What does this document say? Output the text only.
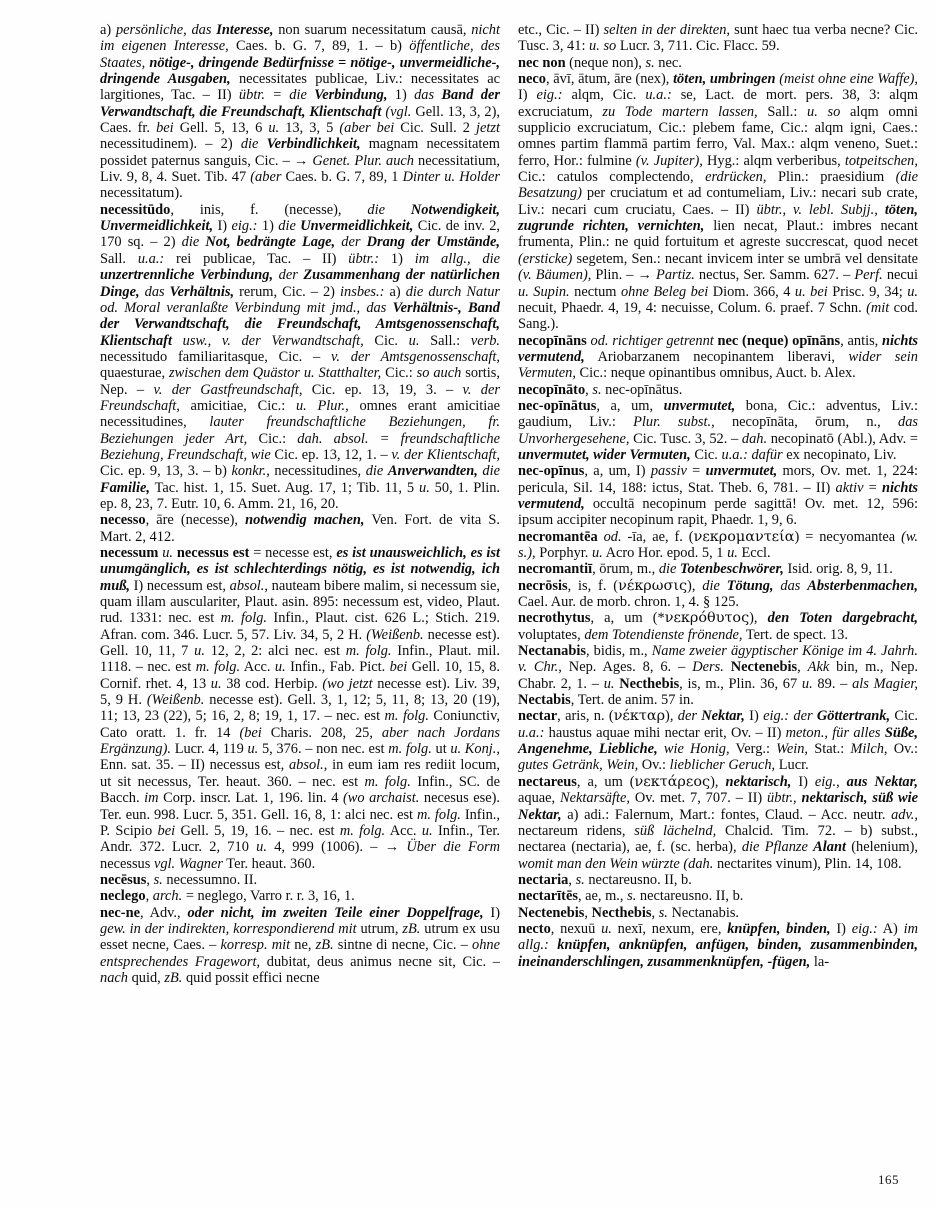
a) persönliche, das Interesse, non suarum necessitatum causā, nicht im eigenen Interesse, Caes. b. G. 7, 89, 1. – b) öffentliche, des Staates, nötige-, dringende Bedürfnisse = nötige-, unvermeidliche-, dringende Ausgaben, necessitates publicae, Liv.: necessitates ac largitiones, Tac. – II) übtr. = die Verbindung, 1) das Band der Verwandtschaft, die Freundschaft, Klientschaft (vgl. Gell. 13, 3, 2), Caes. fr. bei Gell. 5, 13, 6 u. 13, 3, 5 (aber bei Cic. Sull. 2 jetzt necessitudinem). – 2) die Verbindlichkeit, magnam necessitatem possidet paternus sanguis, Cic. – → Genet. Plur. auch necessitatium, Liv. 9, 8, 4. Suet. Tib. 47 (aber Caes. b. G. 7, 89, 1 Dinter u. Holder necessitatum).

necessitūdo, inis, f. (necesse), die Notwendigkeit, Unvermeidlichkeit, I) eig.: 1) die Unvermeidlichkeit, Cic. de inv. 2, 170 sq. – 2) die Not, bedrängte Lage, der Drang der Umstände, Sall. u.a.: rei publicae, Tac. – II) übtr.: 1) im allg., die unzertrennliche Verbindung, der Zusammenhang der natürlichen Dinge, das Verhältnis, rerum, Cic. – 2) insbes.: a) die durch Natur od. Moral veranlaßte Verbindung mit jmd., das Verhältnis-, Band der Verwandtschaft, die Freundschaft, Amtsgenossenschaft, Klientschaft usw., v. der Verwandtschaft, Cic. u. Sall.: verb. necessitudo familiaritasque, Cic. – v. der Amtsgenossenschaft, quaesturae, zwischen dem Quästor u. Statthalter, Cic.: so auch sortis, Nep. – v. der Gastfreundschaft, Cic. ep. 13, 19, 3. – v. der Freundschaft, amicitiae, Cic.: u. Plur., omnes erant amicitiae necessitudines, lauter freundschaftliche Beziehungen, fr. Beziehungen jeder Art, Cic.: dah. absol. = freundschaftliche Beziehung, Freundschaft, wie Cic. ep. 13, 12, 1. – v. der Klientschaft, Cic. ep. 9, 13, 3. – b) konkr., necessitudines, die Anverwandten, die Familie, Tac. hist. 1, 15. Suet. Aug. 17, 1; Tib. 11, 5 u. 50, 1. Plin. ep. 8, 23, 7. Eutr. 10, 6. Amm. 21, 16, 20.

necesso, āre (necesse), notwendig machen, Ven. Fort. de vita S. Mart. 2, 412.

necessum u. necessus est = necesse est, es ist unausweichlich, es ist unumgänglich, es ist schlechterdings nötig, es ist notwendig, ich muß, I) necessum est, absol., nauteam bibere malim, si necessum sie, quam illam ausculariter, Plaut. asin. 895: necessum est, video, Plaut. rud. 1331: nec. est m. folg. Infin., Plaut. cist. 626 L.; Stich. 219. Afran. com. 346. Lucr. 5, 57. Liv. 34, 5, 2 H. (Weißenb. necesse est). Gell. 10, 11, 7 u. 12, 2, 2: alci nec. est m. folg. Infin., Plaut. mil. 1118. – nec. est m. folg. Acc. u. Infin., Fab. Pict. bei Gell. 10, 15, 8. Cornif. rhet. 4, 13 u. 38 cod. Herbip. (wo jetzt necesse est). Liv. 39, 5, 9 H. (Weißenb. necesse est). Gell. 3, 1, 12; 5, 11, 8; 13, 20 (19), 11; 13, 23 (22), 5; 16, 2, 8; 19, 1, 17. – nec. est m. folg. Coniunctiv, Cato oratt. 1. fr. 14 (bei Charis. 208, 25, aber nach Jordans Ergänzung). Lucr. 4, 119 u. 5, 376. – non nec. est m. folg. ut u. Konj., Enn. sat. 35. – II) necessus est, absol., in eum iam res rediit locum, ut sit necessus, Ter. heaut. 360. – nec. est m. folg. Infin., SC. de Bacch. im Corp. inscr. Lat. 1, 196. lin. 4 (wo archaist. necesus ese). Ter. eun. 998. Lucr. 5, 351. Gell. 16, 8, 1: alci nec. est m. folg. Infin., P. Scipio bei Gell. 5, 19, 16. – nec. est m. folg. Acc. u. Infin., Ter. Andr. 372. Lucr. 2, 710 u. 4, 999 (1006). – → Über die Form necessus vgl. Wagner Ter. heaut. 360.

necēsus, s. necessumno. II.

neclego, arch. = neglego, Varro r. r. 3, 16, 1.

nec-ne, Adv., oder nicht, im zweiten Teile einer Doppelfrage, I) gew. in der indirekten, korrespondierend mit utrum, zB. utrum ex usu esset necne, Caes. – korresp. mit ne, zB. sintne di necne, Cic. – ohne entsprechendes Fragewort, dubitat, deus animus necne sit, Cic. – nach quid, zB. quid possit effici necne

etc., Cic. – II) selten in der direkten, sunt haec tua verba necne? Cic. Tusc. 3, 41: u. so Lucr. 3, 711. Cic. Flacc. 59.

nec non (neque non), s. nec.

neco, āvī, ātum, āre (nex), töten, umbringen (meist ohne eine Waffe), I) eig.: alqm, Cic. u.a.: se, Lact. de mort. pers. 38, 3: alqm excruciatum, zu Tode martern lassen, Sall.: u. so alqm omni supplicio excruciatum, Cic.: plebem fame, Cic.: alqm igni, Caes.: omnes partim flammā partim ferro, Val. Max.: alqm veneno, Suet.: ferro, Hor.: fulmine (v. Jupiter), Hyg.: alqm verberibus, totpeitschen, Cic.: catulos complectendo, erdrücken, Plin.: praesidium (die Besatzung) per cruciatum et ad contumeliam, Liv.: necari sub crate, Liv.: necari cum cruciatu, Caes. – II) übtr., v. lebl. Subjj., töten, zugrunde richten, vernichten, lien necat, Plaut.: imbres necant frumenta, Plin.: ne quid fortuitum et agreste succrescat, quod necet (ersticke) segetem, Sen.: necant invicem inter se umbrā vel densitate (v. Bäumen), Plin. – → Partiz. nectus, Ser. Samm. 627. – Perf. necui u. Supin. nectum ohne Beleg bei Diom. 366, 4 u. bei Prisc. 9, 34; u. necuit, Phaedr. 4, 19, 4: necuisse, Colum. 6. praef. 7 Schn. (mit cod. Sang.).

necopīnāns od. richtiger getrennt nec (neque) opīnāns, antis, nichts vermutend, Ariobarzanem necopinantem liberavi, wider sein Vermuten, Cic.: neque opinantibus omnibus, Auct. b. Alex.

necopīnāto, s. nec-opīnātus.

nec-opīnātus, a, um, unvermutet, bona, Cic.: adventus, Liv.: gaudium, Liv.: Plur. subst., necopīnāta, ōrum, n., das Unvorhergesehene, Cic. Tusc. 3, 52. – dah. necopinatō (Abl.), Adv. = unvermutet, wider Vermuten, Cic. u.a.: dafür ex necopinato, Liv.

nec-opīnus, a, um, I) passiv = unvermutet, mors, Ov. met. 1, 224: pericula, Sil. 14, 188: ictus, Stat. Theb. 6, 781. – II) aktiv = nichts vermutend, occultā necopinum perde sagittā! Ov. met. 12, 596: ipsum accipiter necopinum rapit, Phaedr. 1, 9, 6.

necromantēa od. -īa, ae, f. (νεκρομαντεία) = necyomantea (w. s.), Porphyr. u. Acro Hor. epod. 5, 1 u. Eccl.

necromantiī, ōrum, m., die Totenbeschwörer, Isid. orig. 8, 9, 11.

necrōsis, is, f. (νέκρωσις), die Tötung, das Absterbenmachen, Cael. Aur. de morb. chron. 1, 4. § 125.

necrothytus, a, um (*νεκρόθυτος), den Toten dargebracht, voluptates, dem Totendienste frönende, Tert. de spect. 13.

Nectanabis, bidis, m., Name zweier ägyptischer Könige im 4. Jahrh. v. Chr., Nep. Ages. 8, 6. – Ders. Nectenebis, Akk bin, m., Nep. Chabr. 2, 1. – u. Necthebis, is, m., Plin. 36, 67 u. 89. – als Magier, Nectabis, Tert. de anim. 57 in.

nectar, aris, n. (νέκταρ), der Nektar, I) eig.: der Göttertrank, Cic. u.a.: haustus aquae mihi nectar erit, Ov. – II) meton., für alles Süße, Angenehme, Liebliche, wie Honig, Verg.: Wein, Stat.: Milch, Ov.: gutes Getränk, Wein, Ov.: lieblicher Geruch, Lucr.

nectareus, a, um (νεκτάρεος), nektarisch, I) eig., aus Nektar, aquae, Nektarsäfte, Ov. met. 7, 707. – II) übtr., nektarisch, süß wie Nektar, a) adi.: Falernum, Mart.: fontes, Claud. – Acc. neutr. adv., nectareum ridens, süß lächelnd, Chalcid. Tim. 72. – b) subst., nectarea (nectaria), ae, f. (sc. herba), die Pflanze Alant (helenium), womit man den Wein würzte (dah. nectarites vinum), Plin. 14, 108.

nectaria, s. nectareusno. II, b.

nectarītēs, ae, m., s. nectareusno. II, b.

Nectenebis, Necthebis, s. Nectanabis.

necto, nexuū u. nexī, nexum, ere, knüpfen, binden, I) eig.: A) im allg.: knüpfen, anknüpfen, anfügen, binden, zusammenbinden, ineinanderschlingen, zusammenknüpfen, -fügen, la-

165
